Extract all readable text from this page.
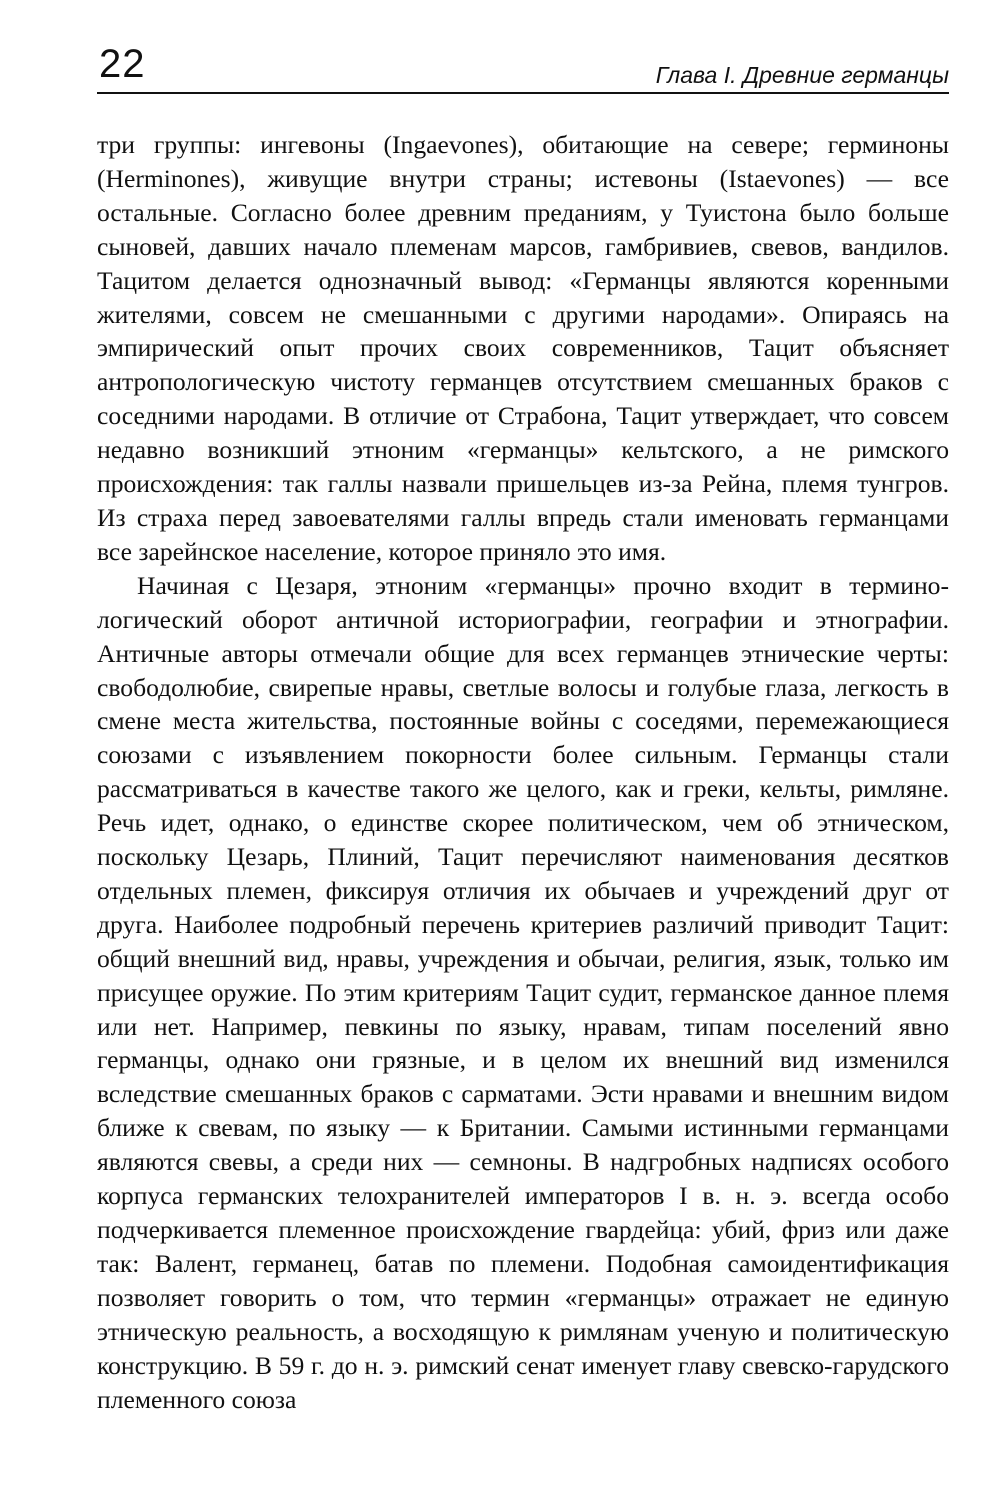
22	Глава I. Древние германцы

три группы: ингевоны (Ingaevones), обитающие на севере; герминоны (Herminones), живущие внутри страны; истевоны (Istaevones) — все остальные. Согласно более древним преданиям, у Туистона было больше сыновей, давших начало племенам марсов, гамбривиев, свевов, вандилов. Тацитом делается однозначный вывод: «Германцы являются коренными жителями, совсем не смешанными с другими народами». Опираясь на эмпирический опыт прочих своих современников, Тацит объясняет антропологическую чистоту германцев отсутствием смешанных браков с соседними народами. В отличие от Страбона, Тацит утверждает, что совсем недавно возникший этноним «германцы» кельтского, а не римского происхождения: так галлы назвали пришельцев из-за Рейна, племя тунгров. Из страха перед завоевателями галлы впредь стали именовать германцами все зарейнское население, которое приняло это имя.

Начиная с Цезаря, этноним «германцы» прочно входит в терминологический оборот античной историографии, географии и этнографии. Античные авторы отмечали общие для всех германцев этнические черты: свободолюбие, свирепые нравы, светлые волосы и голубые глаза, легкость в смене места жительства, постоянные войны с соседями, перемежающиеся союзами с изъявлением покорности более сильным. Германцы стали рассматриваться в качестве такого же целого, как и греки, кельты, римляне. Речь идет, однако, о единстве скорее политическом, чем об этническом, поскольку Цезарь, Плиний, Тацит перечисляют наименования десятков отдельных племен, фиксируя отличия их обычаев и учреждений друг от друга. Наиболее подробный перечень критериев различий приводит Тацит: общий внешний вид, нравы, учреждения и обычаи, религия, язык, только им присущее оружие. По этим критериям Тацит судит, германское данное племя или нет. Например, певкины по языку, нравам, типам поселений явно германцы, однако они грязные, и в целом их внешний вид изменился вследствие смешанных браков с сарматами. Эсти нравами и внешним видом ближе к свевам, по языку — к Британии. Самыми истинными германцами являются свевы, а среди них — семноны. В надгробных надписях особого корпуса германских телохранителей императоров I в. н. э. всегда особо подчеркивается племенное происхождение гвардейца: убий, фриз или даже так: Валент, германец, батав по племени. Подобная самоидентификация позволяет говорить о том, что термин «германцы» отражает не единую этническую реальность, а восходящую к римлянам ученую и политическую конструкцию. В 59 г. до н. э. римский сенат именует главу свевско-гарудского племенного союза
